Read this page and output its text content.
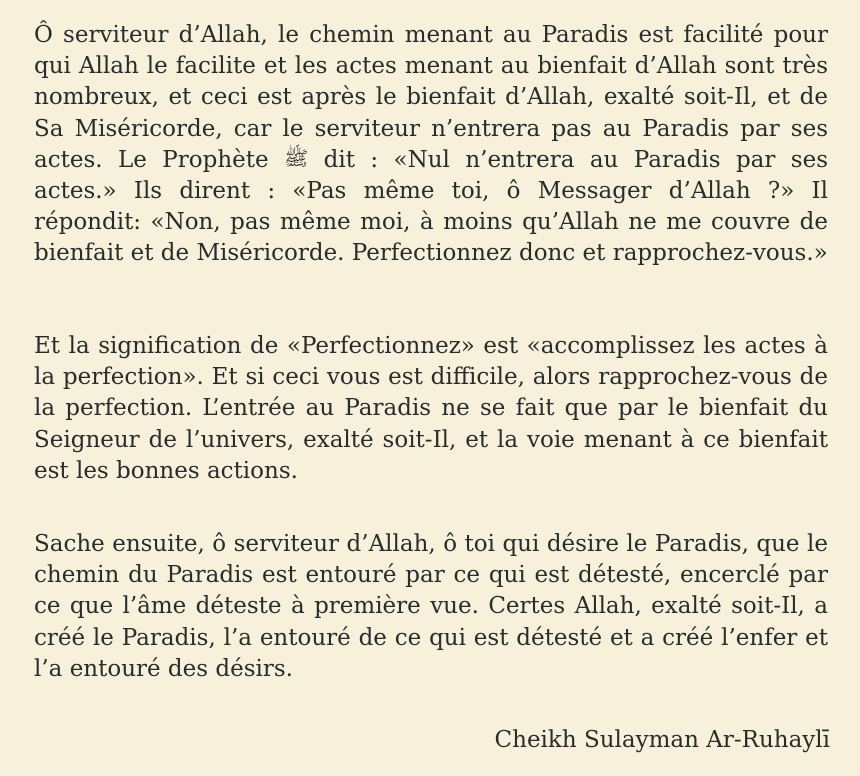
Ô serviteur d’Allah, le chemin menant au Paradis est facilité pour qui Allah le facilite et les actes menant au bienfait d’Allah sont très nombreux, et ceci est après le bienfait d’Allah, exalté soit-Il, et de Sa Miséricorde, car le serviteur n’entrera pas au Paradis par ses actes. Le Prophète ﷺ dit : «Nul n’entrera au Paradis par ses actes.» Ils dirent : «Pas même toi, ô Messager d’Allah ?» Il répondit: «Non, pas même moi, à moins qu’Allah ne me couvre de bienfait et de Miséricorde. Perfectionnez donc et rapprochez-vous.»

Et la signification de «Perfectionnez» est «accomplissez les actes à la perfection». Et si ceci vous est difficile, alors rapprochez-vous de la perfection. L’entrée au Paradis ne se fait que par le bienfait du Seigneur de l’univers, exalté soit-Il, et la voie menant à ce bienfait est les bonnes actions.

Sache ensuite, ô serviteur d’Allah, ô toi qui désire le Paradis, que le chemin du Paradis est entouré par ce qui est détesté, encerclé par ce que l’âme déteste à première vue. Certes Allah, exalté soit-Il, a créé le Paradis, l’a entouré de ce qui est détesté et a créé l’enfer et l’a entouré des désirs.

Cheikh Sulayman Ar-Ruhaylī
